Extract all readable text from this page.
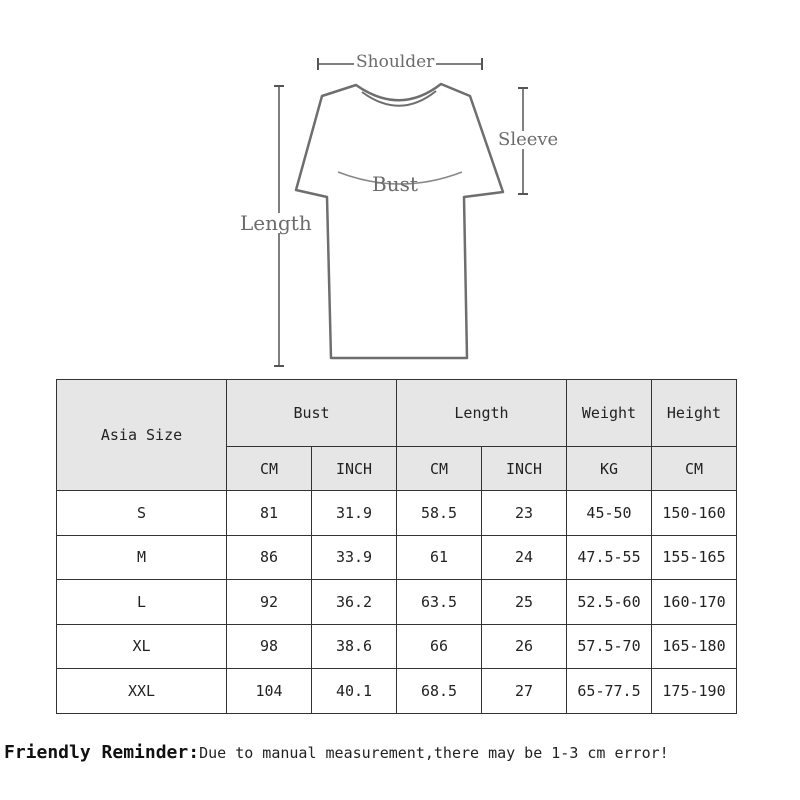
Shoulder
Sleeve
Bust
Length
Asia Size	Bust		Length		Weight	Height
	CM	INCH	CM	INCH	KG	CM
S	81	31.9	58.5	23	45-50	150-160
M	86	33.9	61	24	47.5-55	155-165
L	92	36.2	63.5	25	52.5-60	160-170
XL	98	38.6	66	26	57.5-70	165-180
XXL	104	40.1	68.5	27	65-77.5	175-190
Friendly Reminder:Due to manual measurement,there may be 1-3 cm error!
